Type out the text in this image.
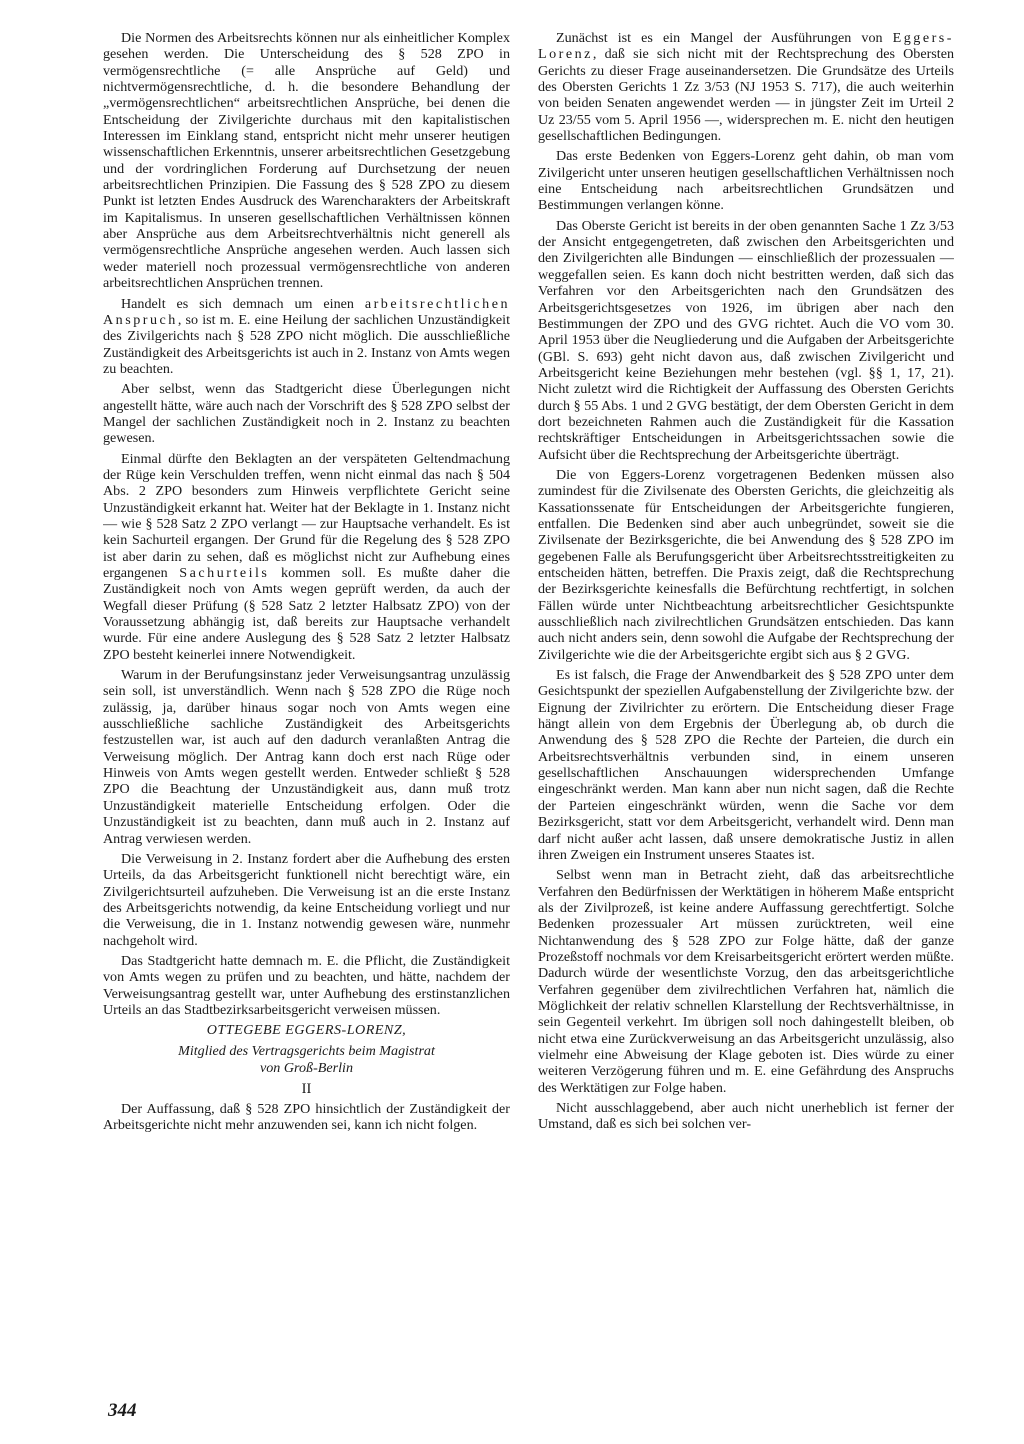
Die Normen des Arbeitsrechts können nur als einheitlicher Komplex gesehen werden. Die Unterscheidung des § 528 ZPO in vermögensrechtliche (= alle Ansprüche auf Geld) und nichtvermögensrechtliche, d. h. die besondere Behandlung der „vermögensrechtlichen“ arbeitsrechtlichen Ansprüche, bei denen die Entscheidung der Zivilgerichte durchaus mit den kapitalistischen Interessen im Einklang stand, entspricht nicht mehr unserer heutigen wissenschaftlichen Erkenntnis, unserer arbeitsrechtlichen Gesetzgebung und der vordringlichen Forderung auf Durchsetzung der neuen arbeitsrechtlichen Prinzipien. Die Fassung des § 528 ZPO zu diesem Punkt ist letzten Endes Ausdruck des Warencharakters der Arbeitskraft im Kapitalismus. In unseren gesellschaftlichen Verhältnissen können aber Ansprüche aus dem Arbeitsrechtverhältnis nicht generell als vermögensrechtliche Ansprüche angesehen werden. Auch lassen sich weder materiell noch prozessual vermögensrechtliche von anderen arbeitsrechtlichen Ansprüchen trennen.

Handelt es sich demnach um einen arbeitsrechtlichen Anspruch, so ist m. E. eine Heilung der sachlichen Unzuständigkeit des Zivilgerichts nach § 528 ZPO nicht möglich. Die ausschließliche Zuständigkeit des Arbeitsgerichts ist auch in 2. Instanz von Amts wegen zu beachten.

Aber selbst, wenn das Stadtgericht diese Überlegungen nicht angestellt hätte, wäre auch nach der Vorschrift des § 528 ZPO selbst der Mangel der sachlichen Zuständigkeit noch in 2. Instanz zu beachten gewesen.

Einmal dürfte den Beklagten an der verspäteten Geltendmachung der Rüge kein Verschulden treffen, wenn nicht einmal das nach § 504 Abs. 2 ZPO besonders zum Hinweis verpflichtete Gericht seine Unzuständigkeit erkannt hat. Weiter hat der Beklagte in 1. Instanz nicht — wie § 528 Satz 2 ZPO verlangt — zur Hauptsache verhandelt. Es ist kein Sachurteil ergangen. Der Grund für die Regelung des § 528 ZPO ist aber darin zu sehen, daß es möglichst nicht zur Aufhebung eines ergangenen Sachurteils kommen soll. Es mußte daher die Zuständigkeit noch von Amts wegen geprüft werden, da auch der Wegfall dieser Prüfung (§ 528 Satz 2 letzter Halbsatz ZPO) von der Voraussetzung abhängig ist, daß bereits zur Hauptsache verhandelt wurde. Für eine andere Auslegung des § 528 Satz 2 letzter Halbsatz ZPO besteht keinerlei innere Notwendigkeit.

Warum in der Berufungsinstanz jeder Verweisungsantrag unzulässig sein soll, ist unverständlich. Wenn nach § 528 ZPO die Rüge noch zulässig, ja, darüber hinaus sogar noch von Amts wegen eine ausschließliche sachliche Zuständigkeit des Arbeitsgerichts festzustellen war, ist auch auf den dadurch veranlaßten Antrag die Verweisung möglich. Der Antrag kann doch erst nach Rüge oder Hinweis von Amts wegen gestellt werden. Entweder schließt § 528 ZPO die Beachtung der Unzuständigkeit aus, dann muß trotz Unzuständigkeit materielle Entscheidung erfolgen. Oder die Unzuständigkeit ist zu beachten, dann muß auch in 2. Instanz auf Antrag verwiesen werden.

Die Verweisung in 2. Instanz fordert aber die Aufhebung des ersten Urteils, da das Arbeitsgericht funktionell nicht berechtigt wäre, ein Zivilgerichtsurteil aufzuheben. Die Verweisung ist an die erste Instanz des Arbeitsgerichts notwendig, da keine Entscheidung vorliegt und nur die Verweisung, die in 1. Instanz notwendig gewesen wäre, nunmehr nachgeholt wird.

Das Stadtgericht hatte demnach m. E. die Pflicht, die Zuständigkeit von Amts wegen zu prüfen und zu beachten, und hätte, nachdem der Verweisungsantrag gestellt war, unter Aufhebung des erstinstanzlichen Urteils an das Stadtbezirksarbeitsgericht verweisen müssen.

OTTEGEBE EGGERS-LORENZ,

Mitglied des Vertragsgerichts beim Magistrat
von Groß-Berlin

II

Der Auffassung, daß § 528 ZPO hinsichtlich der Zuständigkeit der Arbeitsgerichte nicht mehr anzuwenden sei, kann ich nicht folgen.

Zunächst ist es ein Mangel der Ausführungen von Eggers-Lorenz, daß sie sich nicht mit der Rechtsprechung des Obersten Gerichts zu dieser Frage auseinandersetzen. Die Grundsätze des Urteils des Obersten Gerichts 1 Zz 3/53 (NJ 1953 S. 717), die auch weiterhin von beiden Senaten angewendet werden — in jüngster Zeit im Urteil 2 Uz 23/55 vom 5. April 1956 —, widersprechen m. E. nicht den heutigen gesellschaftlichen Bedingungen.

Das erste Bedenken von Eggers-Lorenz geht dahin, ob man vom Zivilgericht unter unseren heutigen gesellschaftlichen Verhältnissen noch eine Entscheidung nach arbeitsrechtlichen Grundsätzen und Bestimmungen verlangen könne.

Das Oberste Gericht ist bereits in der oben genannten Sache 1 Zz 3/53 der Ansicht entgegengetreten, daß zwischen den Arbeitsgerichten und den Zivilgerichten alle Bindungen — einschließlich der prozessualen — weggefallen seien. Es kann doch nicht bestritten werden, daß sich das Verfahren vor den Arbeitsgerichten nach den Grundsätzen des Arbeitsgerichtsgesetzes von 1926, im übrigen aber nach den Bestimmungen der ZPO und des GVG richtet. Auch die VO vom 30. April 1953 über die Neugliederung und die Aufgaben der Arbeitsgerichte (GBl. S. 693) geht nicht davon aus, daß zwischen Zivilgericht und Arbeitsgericht keine Beziehungen mehr bestehen (vgl. §§ 1, 17, 21). Nicht zuletzt wird die Richtigkeit der Auffassung des Obersten Gerichts durch § 55 Abs. 1 und 2 GVG bestätigt, der dem Obersten Gericht in dem dort bezeichneten Rahmen auch die Zuständigkeit für die Kassation rechtskräftiger Entscheidungen in Arbeitsgerichtssachen sowie die Aufsicht über die Rechtsprechung der Arbeitsgerichte überträgt.

Die von Eggers-Lorenz vorgetragenen Bedenken müssen also zumindest für die Zivilsenate des Obersten Gerichts, die gleichzeitig als Kassationssenate für Entscheidungen der Arbeitsgerichte fungieren, entfallen. Die Bedenken sind aber auch unbegründet, soweit sie die Zivilsenate der Bezirksgerichte, die bei Anwendung des § 528 ZPO im gegebenen Falle als Berufungsgericht über Arbeitsrechtsstreitigkeiten zu entscheiden hätten, betreffen. Die Praxis zeigt, daß die Rechtsprechung der Bezirksgerichte keinesfalls die Befürchtung rechtfertigt, in solchen Fällen würde unter Nichtbeachtung arbeitsrechtlicher Gesichtspunkte ausschließlich nach zivilrechtlichen Grundsätzen entschieden. Das kann auch nicht anders sein, denn sowohl die Aufgabe der Rechtsprechung der Zivilgerichte wie die der Arbeitsgerichte ergibt sich aus § 2 GVG.

Es ist falsch, die Frage der Anwendbarkeit des § 528 ZPO unter dem Gesichtspunkt der speziellen Aufgabenstellung der Zivilgerichte bzw. der Eignung der Zivilrichter zu erörtern. Die Entscheidung dieser Frage hängt allein von dem Ergebnis der Überlegung ab, ob durch die Anwendung des § 528 ZPO die Rechte der Parteien, die durch ein Arbeitsrechtsverhältnis verbunden sind, in einem unseren gesellschaftlichen Anschauungen widersprechenden Umfange eingeschränkt werden. Man kann aber nun nicht sagen, daß die Rechte der Parteien eingeschränkt würden, wenn die Sache vor dem Bezirksgericht, statt vor dem Arbeitsgericht, verhandelt wird. Denn man darf nicht außer acht lassen, daß unsere demokratische Justiz in allen ihren Zweigen ein Instrument unseres Staates ist.

Selbst wenn man in Betracht zieht, daß das arbeitsrechtliche Verfahren den Bedürfnissen der Werktätigen in höherem Maße entspricht als der Zivilprozeß, ist keine andere Auffassung gerechtfertigt. Solche Bedenken prozessualer Art müssen zurücktreten, weil eine Nichtanwendung des § 528 ZPO zur Folge hätte, daß der ganze Prozeßstoff nochmals vor dem Kreisarbeitsgericht erörtert werden müßte. Dadurch würde der wesentlichste Vorzug, den das arbeitsgerichtliche Verfahren gegenüber dem zivilrechtlichen Verfahren hat, nämlich die Möglichkeit der relativ schnellen Klarstellung der Rechtsverhältnisse, in sein Gegenteil verkehrt. Im übrigen soll noch dahingestellt bleiben, ob nicht etwa eine Zurückverweisung an das Arbeitsgericht unzulässig, also vielmehr eine Abweisung der Klage geboten ist. Dies würde zu einer weiteren Verzögerung führen und m. E. eine Gefährdung des Anspruchs des Werktätigen zur Folge haben.

Nicht ausschlaggebend, aber auch nicht unerheblich ist ferner der Umstand, daß es sich bei solchen ver-

344
